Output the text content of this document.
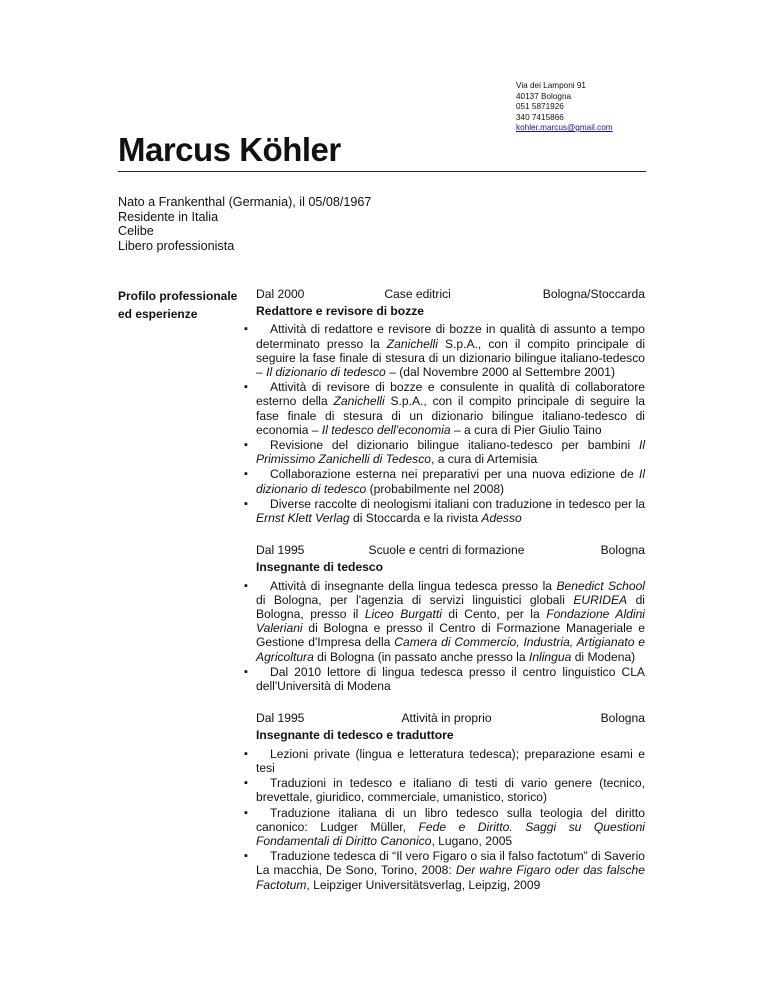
Via dei Lamponi 91
40137 Bologna
051 5871926
340 7415866
kohler.marcus@gmail.com
Marcus Köhler
Nato a Frankenthal (Germania), il 05/08/1967
Residente in Italia
Celibe
Libero professionista
Profilo professionale ed esperienze
Dal 2000	Case editrici	Bologna/Stoccarda
Redattore e revisore di bozze
▪ Attività di redattore e revisore di bozze in qualità di assunto a tempo determinato presso la Zanichelli S.p.A., con il compito principale di seguire la fase finale di stesura di un dizionario bilingue italiano-tedesco – Il dizionario di tedesco – (dal Novembre 2000 al Settembre 2001)
▪ Attività di revisore di bozze e consulente in qualità di collaboratore esterno della Zanichelli S.p.A., con il compito principale di seguire la fase finale di stesura di un dizionario bilingue italiano-tedesco di economia – Il tedesco dell'economia – a cura di Pier Giulio Taino
▪ Revisione del dizionario bilingue italiano-tedesco per bambini Il Primissimo Zanichelli di Tedesco, a cura di Artemisia
▪ Collaborazione esterna nei preparativi per una nuova edizione de Il dizionario di tedesco (probabilmente nel 2008)
▪ Diverse raccolte di neologismi italiani con traduzione in tedesco per la Ernst Klett Verlag di Stoccarda e la rivista Adesso
Dal 1995	Scuole e centri di formazione	Bologna
Insegnante di tedesco
▪ Attività di insegnante della lingua tedesca presso la Benedict School di Bologna, per l'agenzia di servizi linguistici globali EURIDEA di Bologna, presso il Liceo Burgatti di Cento, per la Fondazione Aldini Valeriani di Bologna e presso il Centro di Formazione Manageriale e Gestione d'Impresa della Camera di Commercio, Industria, Artigianato e Agricoltura di Bologna (in passato anche presso la Inlingua di Modena)
▪ Dal 2010 lettore di lingua tedesca presso il centro linguistico CLA dell'Università di Modena
Dal 1995	Attività in proprio	Bologna
Insegnante di tedesco e traduttore
▪ Lezioni private (lingua e letteratura tedesca); preparazione esami e tesi
▪ Traduzioni in tedesco e italiano di testi di vario genere (tecnico, brevettale, giuridico, commerciale, umanistico, storico)
▪ Traduzione italiana di un libro tedesco sulla teologia del diritto canonico: Ludger Müller, Fede e Diritto. Saggi su Questioni Fondamentali di Diritto Canonico, Lugano, 2005
▪ Traduzione tedesca di “Il vero Figaro o sia il falso factotum” di Saverio La macchia, De Sono, Torino, 2008: Der wahre Figaro oder das falsche Factotum, Leipziger Universitätsverlag, Leipzig, 2009
